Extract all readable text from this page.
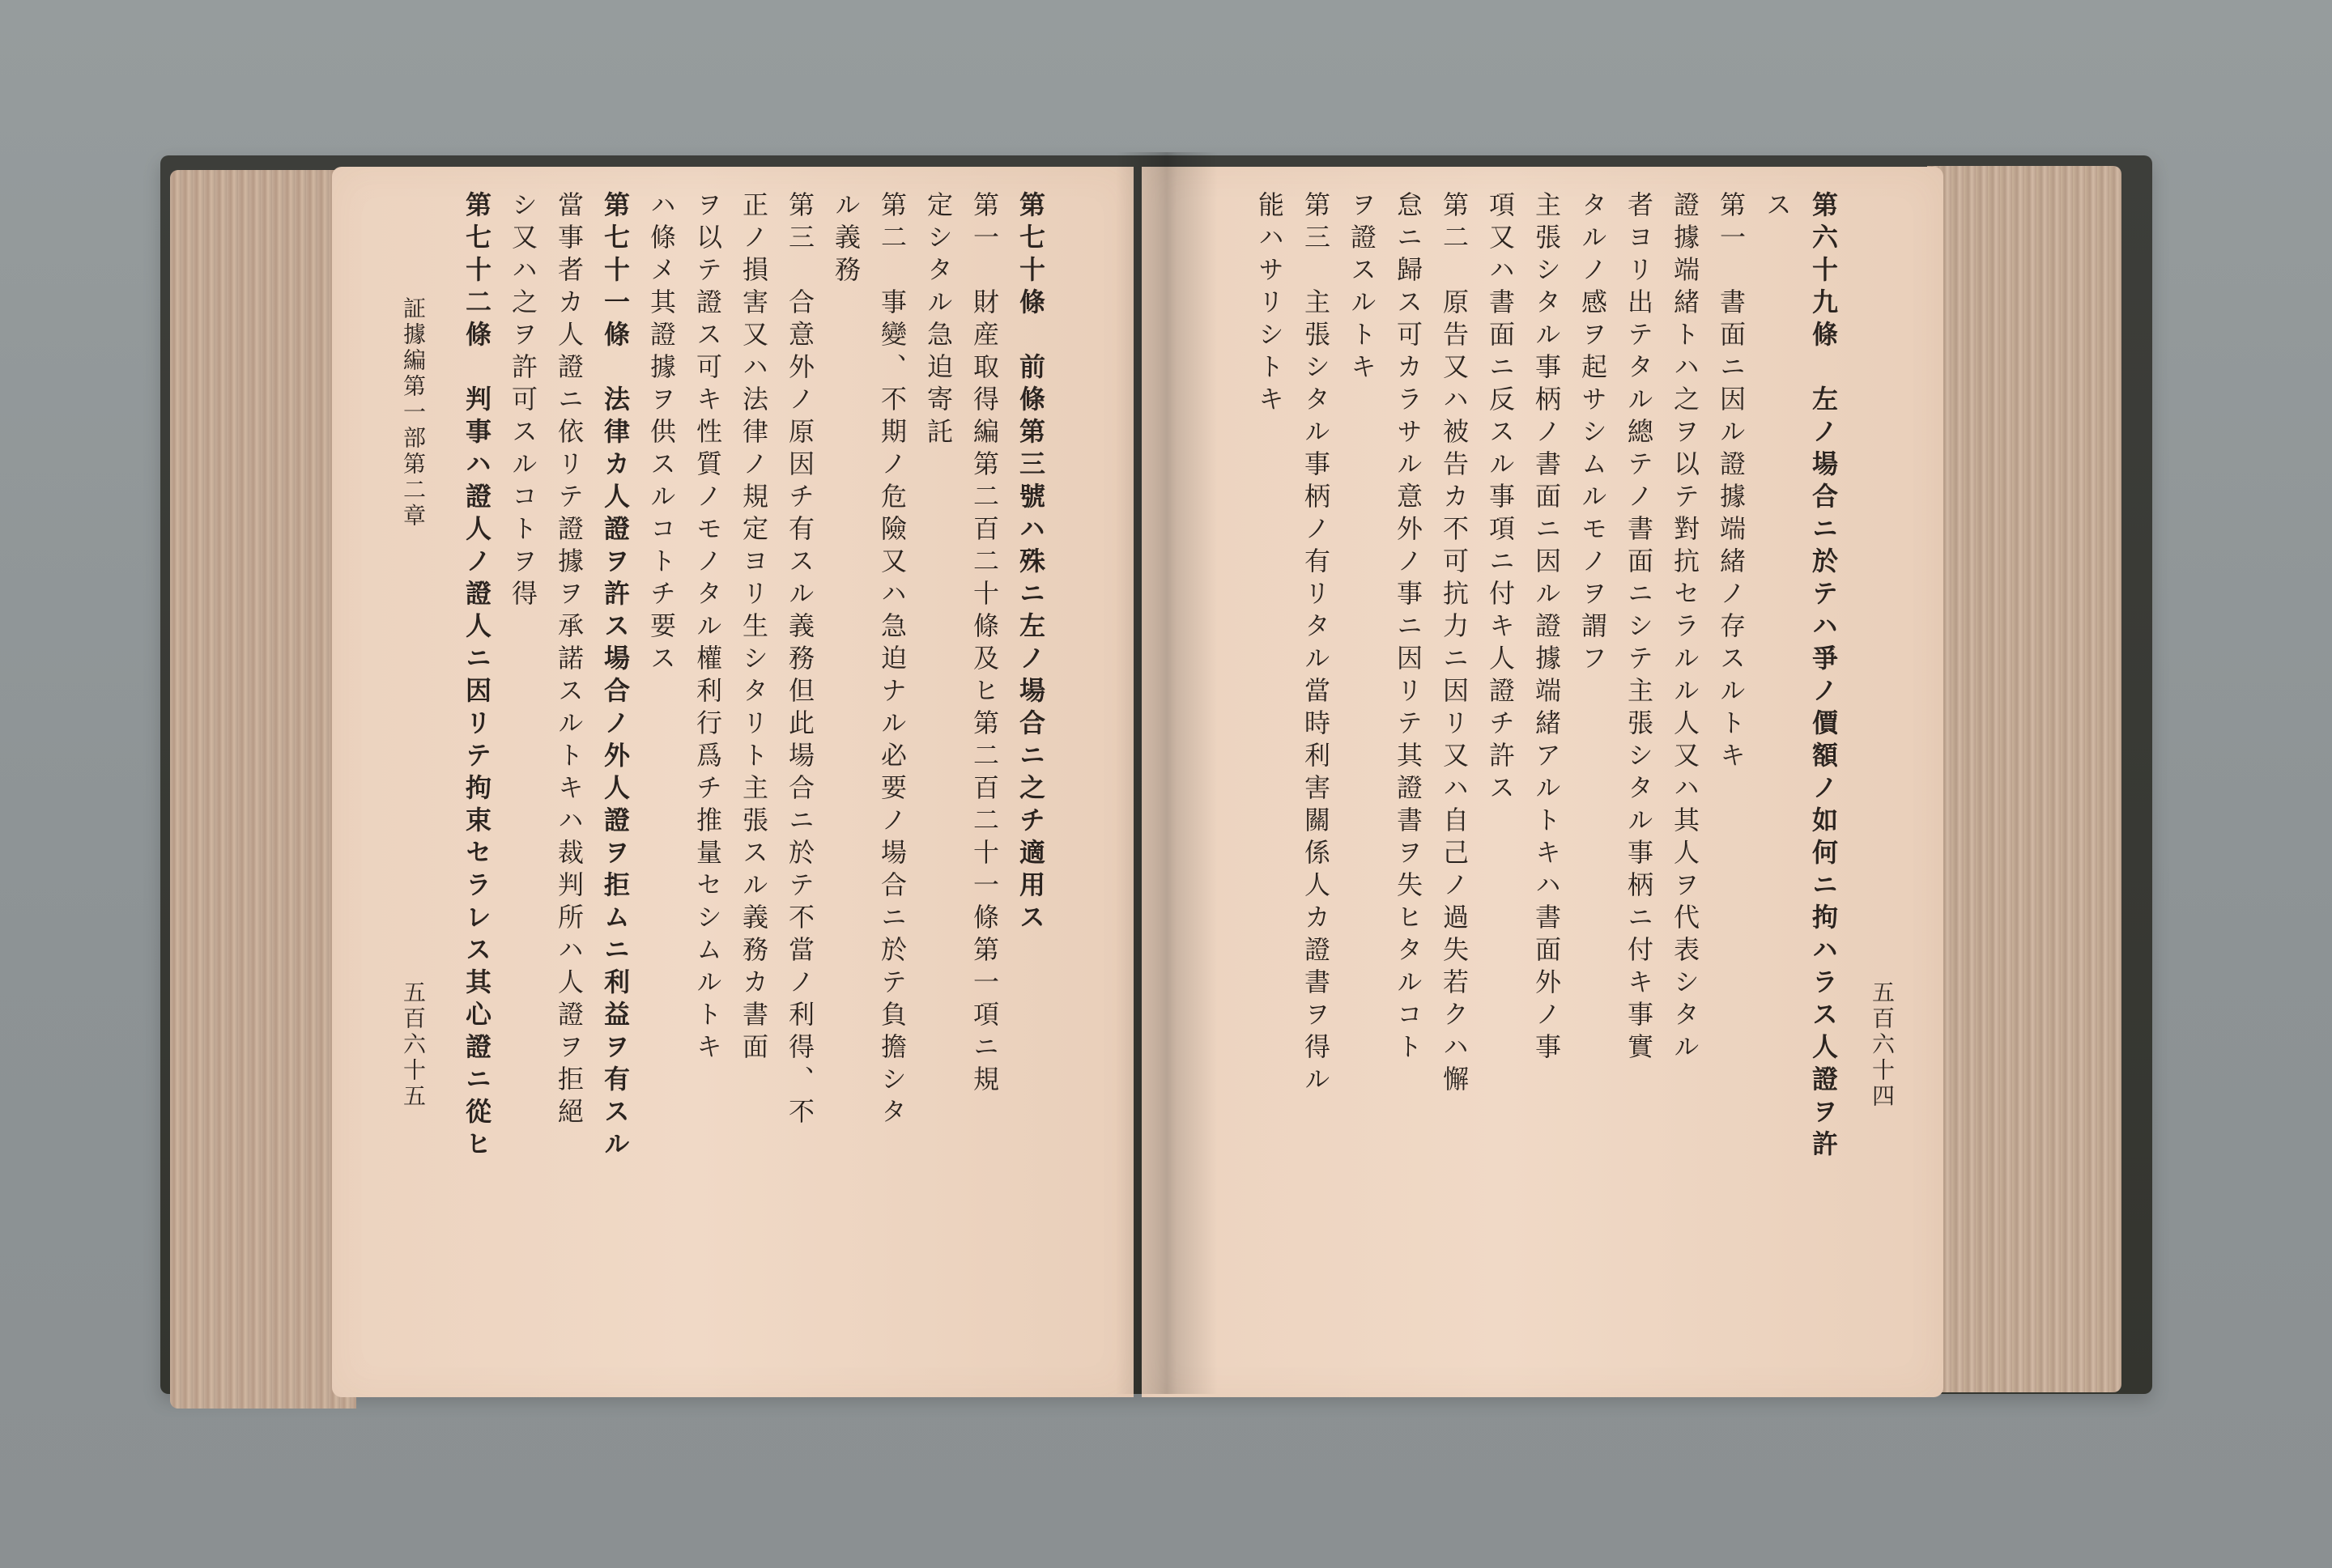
第七十條　前條第三號ハ殊ニ左ノ場合ニ之チ適用ス
第一　財産取得編第二百二十條及ヒ第二百二十一條第一項ニ規
定シタル急迫寄託
第二　事變、不期ノ危險又ハ急迫ナル必要ノ場合ニ於テ負擔シタ
ル義務
第三　合意外ノ原因チ有スル義務但此場合ニ於テ不當ノ利得、不
正ノ損害又ハ法律ノ規定ヨリ生シタリト主張スル義務カ書面
ヲ以テ證ス可キ性質ノモノタル權利行爲チ推量セシムルトキ
ハ條メ其證據ヲ供スルコトチ要ス
第七十一條　法律カ人證ヲ許ス場合ノ外人證ヲ拒ムニ利益ヲ有スル
當事者カ人證ニ依リテ證據ヲ承諾スルトキハ裁判所ハ人證ヲ拒絕
シ又ハ之ヲ許可スルコトヲ得
第七十二條　判事ハ證人ノ證人ニ因リテ拘束セラレス其心證ニ從ヒ
証據編第一部第二章
五百六十五	五百六十四
第六十九條　左ノ場合ニ於テハ爭ノ價額ノ如何ニ拘ハラス人證ヲ許
ス
第一　書面ニ因ル證據端緒ノ存スルトキ
證據端緒トハ之ヲ以テ對抗セラルル人又ハ其人ヲ代表シタル
者ヨリ出テタル總テノ書面ニシテ主張シタル事柄ニ付キ事實
タルノ感ヲ起サシムルモノヲ謂フ
主張シタル事柄ノ書面ニ因ル證據端緒アルトキハ書面外ノ事
項又ハ書面ニ反スル事項ニ付キ人證チ許ス
第二　原告又ハ被告カ不可抗力ニ因リ又ハ自己ノ過失若クハ懈
怠ニ歸ス可カラサル意外ノ事ニ因リテ其證書ヲ失ヒタルコト
ヲ證スルトキ
第三　主張シタル事柄ノ有リタル當時利害關係人カ證書ヲ得ル
能ハサリシトキ
